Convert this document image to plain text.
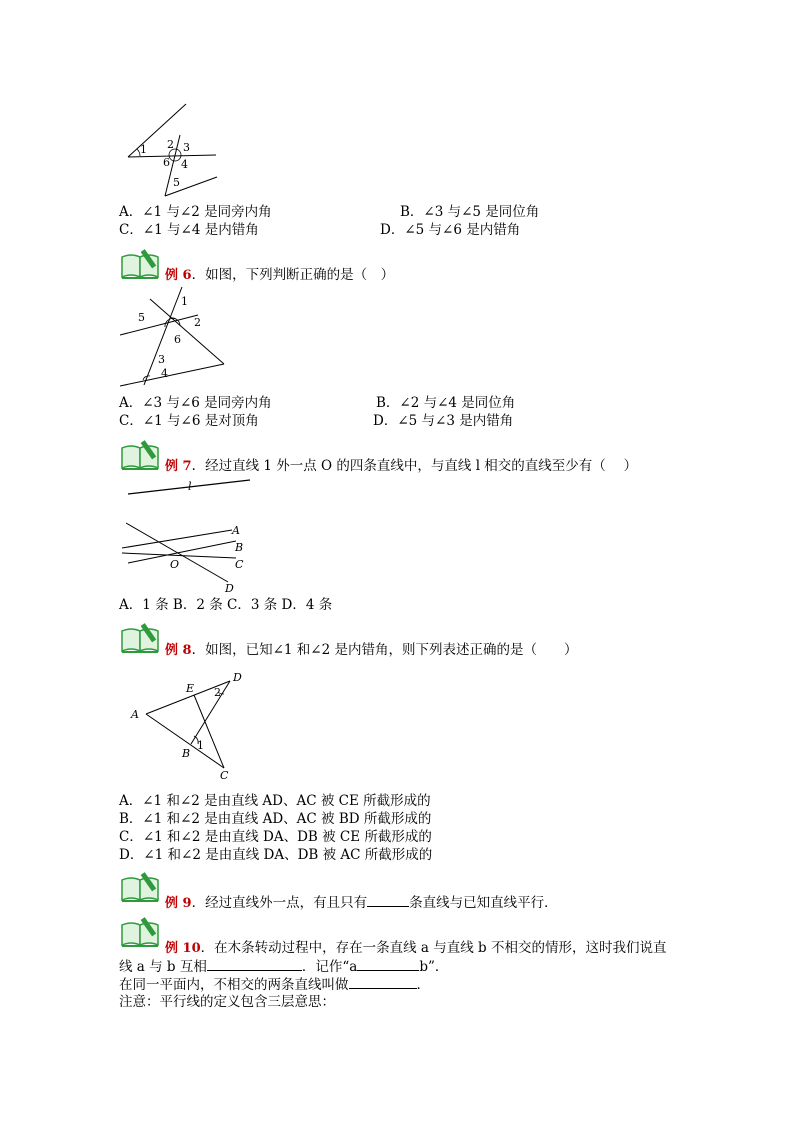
1 2 3
4
5
6
A．∠1 与∠2 是同旁内角	B．∠3 与∠5 是同位角
C．∠1 与∠4 是内错角	D．∠5 与∠6 是内错角
例 6．如图，下列判断正确的是（　）
1
2
5
6
3
4
A．∠3 与∠6 是同旁内角	B．∠2 与∠4 是同位角
C．∠1 与∠6 是对顶角	D．∠5 与∠3 是内错角
例 7．经过直线 1 外一点 O 的四条直线中，与直线 l 相交的直线至少有（　 ）
l
A
B
C
D
O
A．1 条 B．2 条 C．3 条 D．4 条
例 8．如图，已知∠1 和∠2 是内错角，则下列表述正确的是（　　）
A
E
D
2
1
B
C
A．∠1 和∠2 是由直线 AD、AC 被 CE 所截形成的
B．∠1 和∠2 是由直线 AD、AC 被 BD 所截形成的
C．∠1 和∠2 是由直线 DA、DB 被 CE 所截形成的
D．∠1 和∠2 是由直线 DA、DB 被 AC 所截形成的
例 9．经过直线外一点，有且只有	条直线与已知直线平行．
例 10．在木条转动过程中，存在一条直线 a 与直线 b 不相交的情形，这时我们说直
线 a 与 b 互相	．记作“a	b”．
在同一平面内，不相交的两条直线叫做	．
注意：平行线的定义包含三层意思：
